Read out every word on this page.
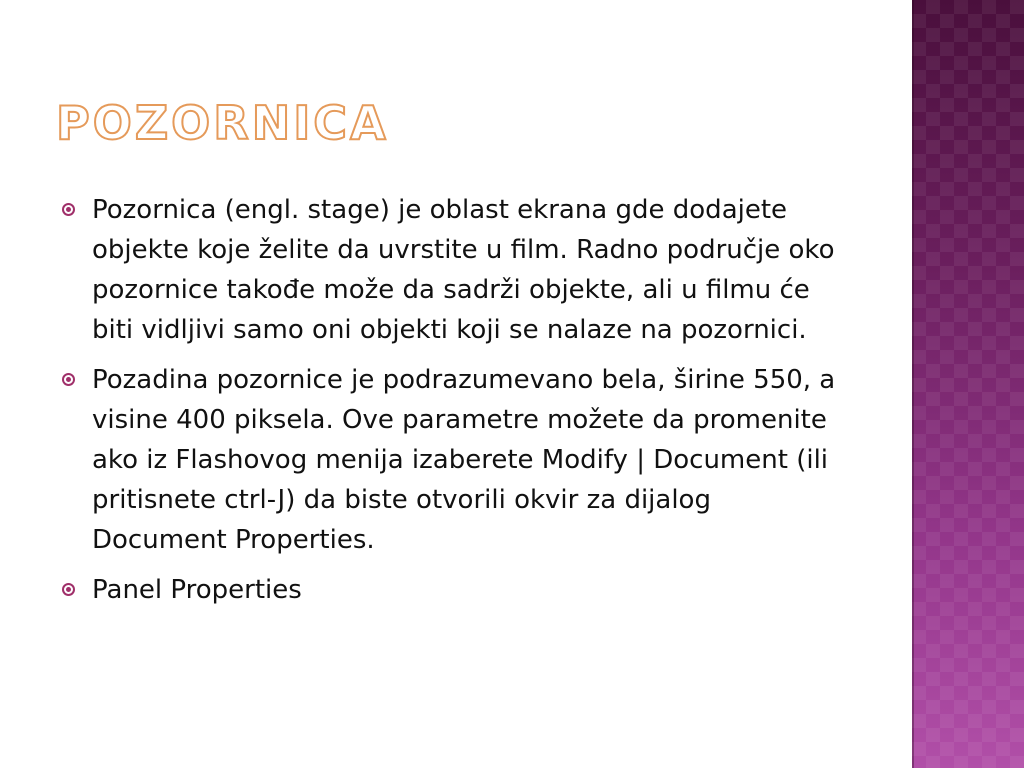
POZORNICA
Pozornica (engl. stage) je oblast ekrana gde dodajete objekte koje želite da uvrstite u film. Radno područje oko pozornice takođe može da sadrži objekte, ali u filmu će biti vidljivi samo oni objekti koji se nalaze na pozornici.
Pozadina pozornice je podrazumevano bela, širine 550, a visine 400 piksela. Ove parametre možete da promenite ako iz Flashovog menija izaberete Modify | Document (ili pritisnete ctrl-J) da biste otvorili okvir za dijalog Document Properties.
Panel Properties
